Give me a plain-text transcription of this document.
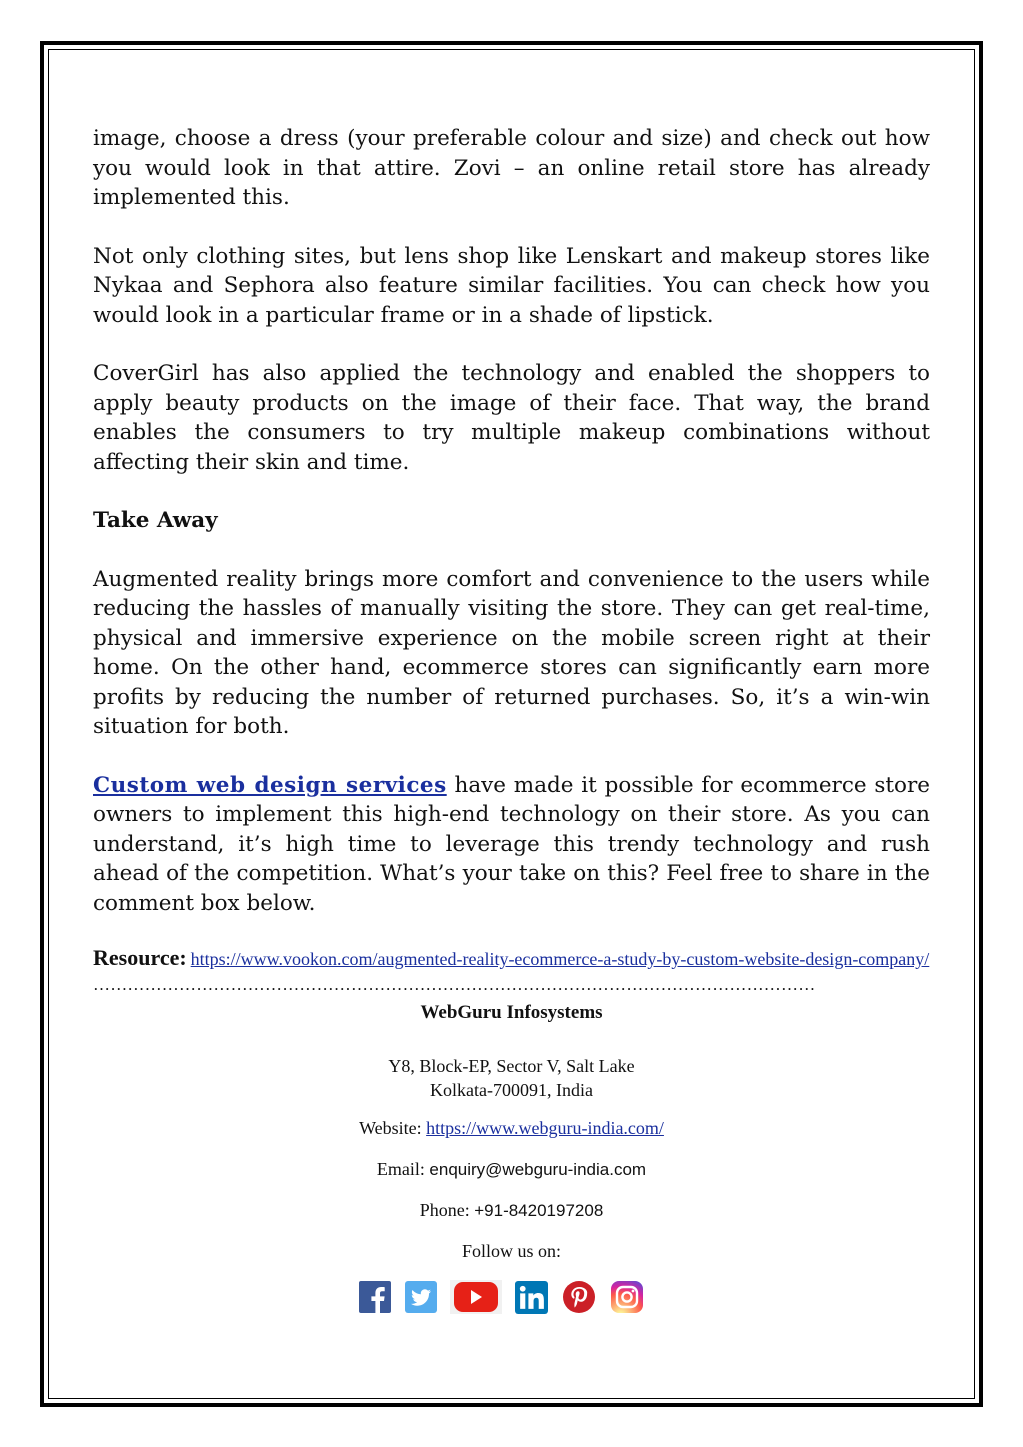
image, choose a dress (your preferable colour and size) and check out how you would look in that attire. Zovi – an online retail store has already implemented this.

Not only clothing sites, but lens shop like Lenskart and makeup stores like Nykaa and Sephora also feature similar facilities. You can check how you would look in a particular frame or in a shade of lipstick.

CoverGirl has also applied the technology and enabled the shoppers to apply beauty products on the image of their face. That way, the brand enables the consumers to try multiple makeup combinations without affecting their skin and time.

Take Away

Augmented reality brings more comfort and convenience to the users while reducing the hassles of manually visiting the store. They can get real-time, physical and immersive experience on the mobile screen right at their home. On the other hand, ecommerce stores can significantly earn more profits by reducing the number of returned purchases. So, it’s a win-win situation for both.

Custom web design services have made it possible for ecommerce store owners to implement this high-end technology on their store. As you can understand, it’s high time to leverage this trendy technology and rush ahead of the competition. What’s your take on this? Feel free to share in the comment box below.

Resource: https://www.vookon.com/augmented-reality-ecommerce-a-study-by-custom-website-design-company/
………………………………………………………………………………………………………………
WebGuru Infosystems
Y8, Block-EP, Sector V, Salt Lake
Kolkata-700091, India
Website: https://www.webguru-india.com/
Email: enquiry@webguru-india.com
Phone: +91-8420197208
Follow us on:
